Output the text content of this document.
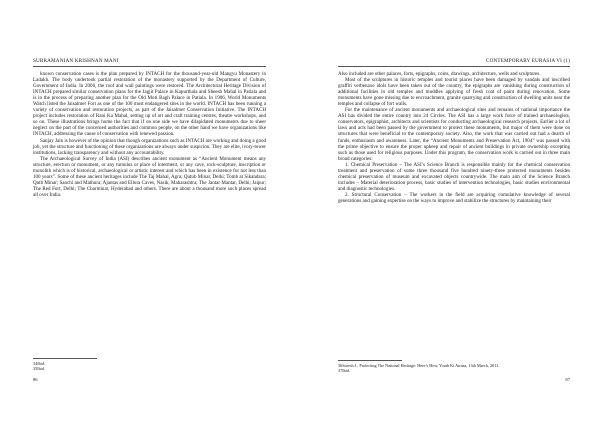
SUBRAMANIAN KRISHNAN MANI

known conservation cases is the plan prepared by INTACH for the thousand-year-old Mangyu Monastery in Ladakh. The body undertook partial restoration of the monastery supported by the Department of Culture, Government of India. In 2006, the roof and wall paintings were restored. The Architectural Heritage Division of INTACH prepared similar conservation plans for the Jagjit Palace in Kapurthala and Sheesh Mahal in Patiala and is in the process of preparing another plan for the Old Moti Bagh Palace in Patiala. In 1906, World Monuments Watch listed the Jaisalmer Fort as one of the 100 most endangered sites in the world. INTACH has been running a variety of conservation and restoration projects, as part of the Jaisalmer Conservation Initiative. The INTACH project includes restoration of Rani Ka Mahal, setting up of art and craft training centres, theatre workshops, and so on. These illustrations brings home the fact that if on one side we have dilapidated monuments due to sheer neglect on the part of the concerned authorities and common people, on the other hand we have organizations like INTACH, addressing the cause of conservation with renewed passion.

Sanjay Jain is however of the opinion that though organizations such as INTACH are working and doing a good job, yet the structure and functioning of these organizations are always under suspicion. They are elite, ivory-tower institutions, lacking transparency and without any accountability.

The Archaeological Survey of India (ASI) describes ancient monument as “Ancient Monument means any structure, erection or monument, or any tumulus or place of interment, or any cave, rock-sculpture, inscription or monolith which is of historical, archaeological or artistic interest and which has been in existence for not less than 100 years”. Some of these ancient heritages include The Taj Mahal, Agra; Qutub Minar, Delhi; Tomb at Sikandara; Qutb Minar; Sanchi and Mathura; Ajantas and Ellora Caves, Nasik, Maharashtra; The Jantar Mantar, Delhi; Jaipur; The Red Fort, Delhi; The Charminar, Hyderabad and others. There are about a thousand more such places spread all over India.

34Ibid.
35Ibid.
86
CONTEMPORARY EURASIA VI (1)

Also included are other palaces, forts, epigraphs, coins, drawings, architecture, wells and sculptures.

Most of the sculptures in historic temples and tourist places have been damaged by vandals and inscribed graffiti verbenaxe idols have been taken out of the country, the epigraphs are vanishing during construction of additional facilities in old temples and muddles applying of fresh coat of paint during renovation. Some monuments have gone missing due to encroachment, granite quarrying and construction of dwelling units near the temples and collapse of fort walls.

For the maintenance of ancient monuments and archaeological sites and remains of national importance the ASI has divided the entire country into 24 Circles. The ASI has a large work force of trained archaeologists, conservators, epigraphist, architects and scientists for conducting archaeological research projects. Earlier a lot of laws and acts had been passed by the government to protect these monuments, but major of them were done on structures that were beneficial to the contemporary society. Also, the work that was carried out had a dearth of funds, enthusiasm and awareness. Later, the “Ancient Monuments and Preservation Act, 1904” was passed with the prime objective to ensure the proper upkeep and repair of ancient buildings in private ownership excepting such as those used for religious purposes. Under this program, the conservation work is carried out in three main broad categories:

1. Chemical Preservation – The ASI’s Science Branch is responsible mainly for the chemical conservation treatment and preservation of some three thousand five hundred ninety-three protected monuments besides chemical preservation of museum and excavated objects countrywide. The main aim of the Science Branch includes – Material deterioration process, basic studies of intervention technologies, basic studies environmental and diagnostic technologies.

2. Structural Conservation – The workers in the field are acquiring cumulative knowledge of several generations and gaining expertise on the ways to improve and stabilize the structures by maintaining their

36Suresh J., Protecting The National Heritage: Here’s How, Youth Ki Awaaz, 13th March, 2011.
37Ibid.
87
